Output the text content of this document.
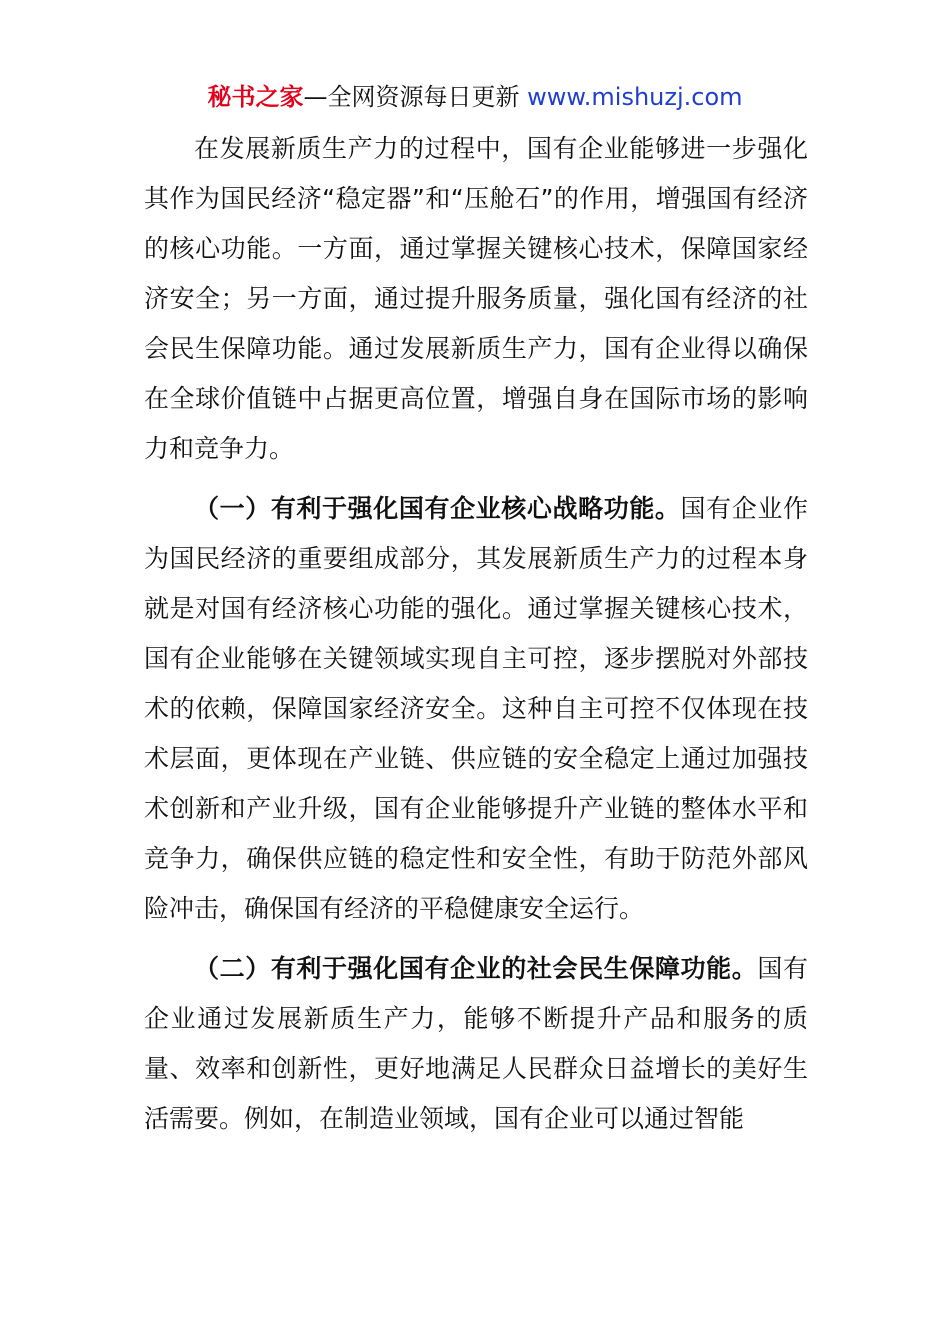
秘书之家—全网资源每日更新 www.mishuzj.com

在发展新质生产力的过程中，国有企业能够进一步强化其作为国民经济“稳定器”和“压舱石”的作用，增强国有经济的核心功能。一方面，通过掌握关键核心技术，保障国家经济安全；另一方面，通过提升服务质量，强化国有经济的社会民生保障功能。通过发展新质生产力，国有企业得以确保在全球价值链中占据更高位置，增强自身在国际市场的影响力和竞争力。

（一）有利于强化国有企业核心战略功能。国有企业作为国民经济的重要组成部分，其发展新质生产力的过程本身就是对国有经济核心功能的强化。通过掌握关键核心技术，国有企业能够在关键领域实现自主可控，逐步摆脱对外部技术的依赖，保障国家经济安全。这种自主可控不仅体现在技术层面，更体现在产业链、供应链的安全稳定上通过加强技术创新和产业升级，国有企业能够提升产业链的整体水平和竞争力，确保供应链的稳定性和安全性，有助于防范外部风险冲击，确保国有经济的平稳健康安全运行。

（二）有利于强化国有企业的社会民生保障功能。国有企业通过发展新质生产力，能够不断提升产品和服务的质量、效率和创新性，更好地满足人民群众日益增长的美好生活需要。例如，在制造业领域，国有企业可以通过智能
